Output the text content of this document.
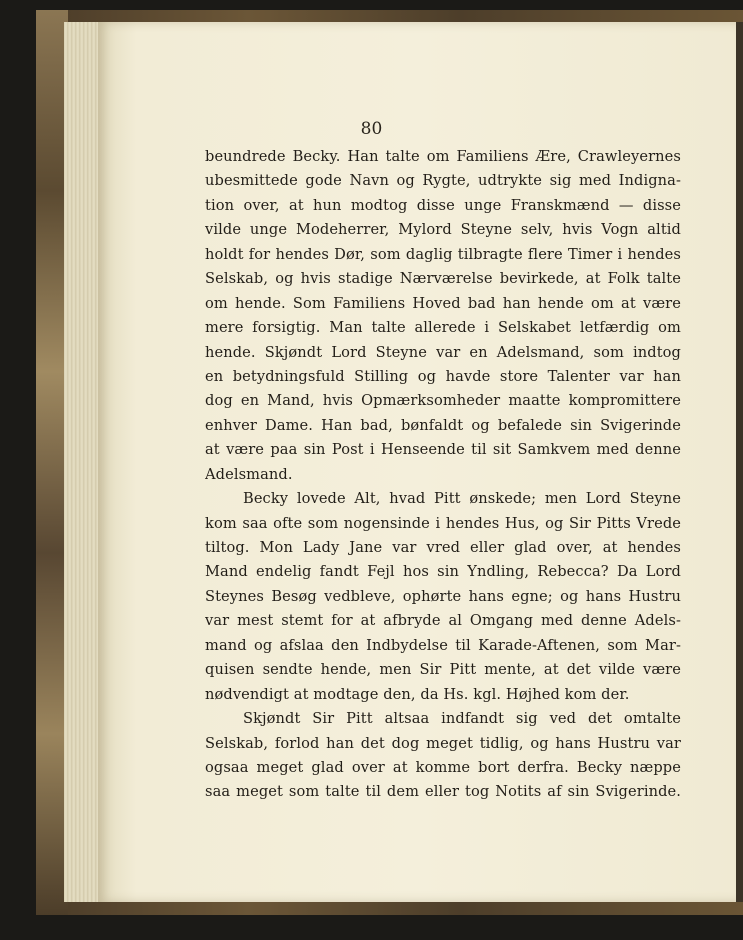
80
beundrede Becky. Han talte om Familiens Ære, Crawleyernes
ubesmittede gode Navn og Rygte, udtrykte sig med Indigna-
tion over, at hun modtog disse unge Franskmænd — disse
vilde unge Modeherrer, Mylord Steyne selv, hvis Vogn altid
holdt for hendes Dør, som daglig tilbragte flere Timer i hendes
Selskab, og hvis stadige Nærværelse bevirkede, at Folk talte
om hende. Som Familiens Hoved bad han hende om at være
mere forsigtig. Man talte allerede i Selskabet letfærdig om
hende. Skjøndt Lord Steyne var en Adelsmand, som indtog
en betydningsfuld Stilling og havde store Talenter var han
dog en Mand, hvis Opmærksomheder maatte kompromittere
enhver Dame. Han bad, bønfaldt og befalede sin Svigerinde
at være paa sin Post i Henseende til sit Samkvem med denne
Adelsmand.
Becky lovede Alt, hvad Pitt ønskede; men Lord Steyne
kom saa ofte som nogensinde i hendes Hus, og Sir Pitts Vrede
tiltog. Mon Lady Jane var vred eller glad over, at hendes
Mand endelig fandt Fejl hos sin Yndling, Rebecca? Da Lord
Steynes Besøg vedbleve, ophørte hans egne; og hans Hustru
var mest stemt for at afbryde al Omgang med denne Adels-
mand og afslaa den Indbydelse til Karade-Aftenen, som Mar-
quisen sendte hende, men Sir Pitt mente, at det vilde være
nødvendigt at modtage den, da Hs. kgl. Højhed kom der.
Skjøndt Sir Pitt altsaa indfandt sig ved det omtalte
Selskab, forlod han det dog meget tidlig, og hans Hustru var
ogsaa meget glad over at komme bort derfra. Becky næppe
saa meget som talte til dem eller tog Notits af sin Svigerinde.
